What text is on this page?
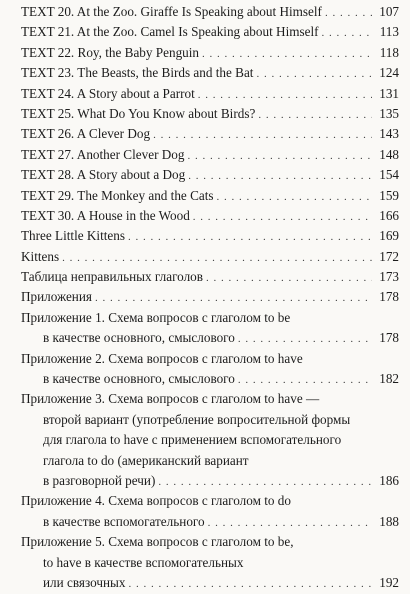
TEXT 20. At the Zoo. Giraffe Is Speaking about Himself . . .	107
TEXT 21. At the Zoo. Camel Is Speaking about Himself . . .	113
TEXT 22. Roy, the Baby Penguin . . .	118
TEXT 23. The Beasts, the Birds and the Bat . . .	124
TEXT 24. A Story about a Parrot . . .	131
TEXT 25. What Do You Know about Birds? . . .	135
TEXT 26. A Clever Dog . . .	143
TEXT 27. Another Clever Dog . . .	148
TEXT 28. A Story about a Dog . . .	154
TEXT 29. The Monkey and the Cats . . .	159
TEXT 30. A House in the Wood . . .	166
Three Little Kittens . . .	169
Kittens . . .	172
Таблица неправильных глаголов . . .	173
Приложения . . .	178
Приложение 1. Схема вопросов с глаголом to be
в качестве основного, смыслового . . .	178
Приложение 2. Схема вопросов с глаголом to have
в качестве основного, смыслового . . .	182
Приложение 3. Схема вопросов с глаголом to have —
второй вариант (употребление вопросительной формы
для глагола to have с применением вспомогательного
глагола to do (американский вариант
в разговорной речи) . . .	186
Приложение 4. Схема вопросов с глаголом to do
в качестве вспомогательного . . .	188
Приложение 5. Схема вопросов с глаголом to be,
to have в качестве вспомогательных
или связочных . . .	192
